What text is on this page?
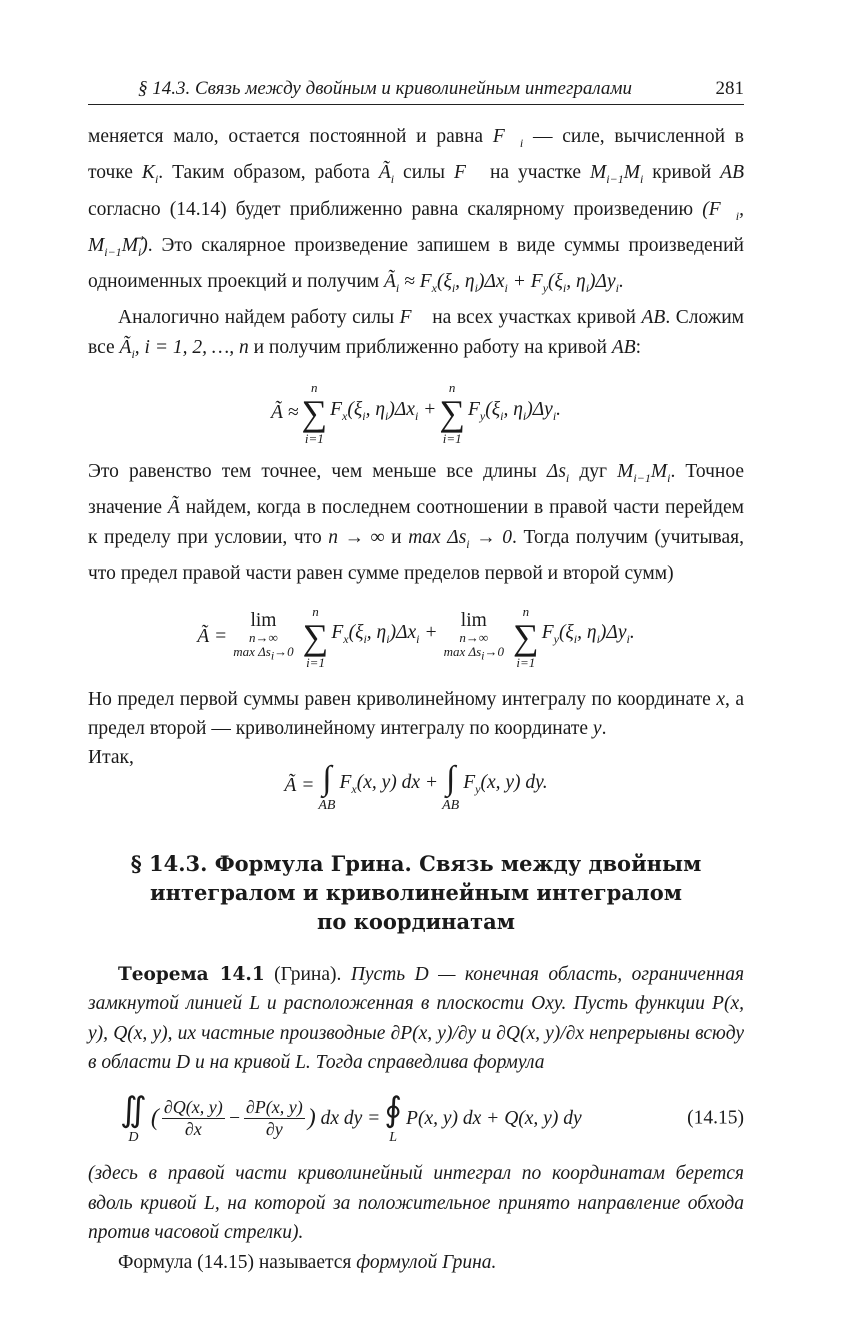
§ 14.3. Связь между двойным и криволинейным интегралами	281

меняется мало, остается постоянной и равна $F⃗_i$ — силе, вычисленной в точке $K_i$. Таким образом, работа $Ã_i$ силы F⃗ на участке $M_{i-1}M_i$ кривой AB согласно (14.14) будет приближенно равна скалярному произведению ($F⃗_i$, $M_{i-1}M_i⃗$). Это скалярное произведение запишем в виде суммы произведений одноименных проекций и получим $Ã_i \approx F_x(\xi_i$, $\eta_i)\Delta x_i + F_y(\xi_i$, $\eta_i)\Delta y_i$.

Аналогично найдем работу силы F⃗ на всех участках кривой AB. Сложим все $Ã_i$, i = 1, 2, …, n и получим приближенно работу на кривой AB:

Ã ≈
n
∑
i=1
$F_x(\xi_i$, $\eta_i)\Delta x_i$ +
n
∑
i=1
$F_y(\xi_i$, $\eta_i)\Delta y_i$.

Это равенство тем точнее, чем меньше все длины $\Delta s_i$ дуг $M_{i-1}M_i$. Точное значение Ã найдем, когда в последнем соотношении в правой части перейдем к пределу при условии, что n → ∞ и $\max \Delta s_i \to 0$. Тогда получим (учитывая, что предел правой части равен сумме пределов первой и второй сумм)

Ã =
lim
n→∞
$\max \Delta s_i\to 0$
n
∑
i=1
$F_x(\xi_i$, $\eta_i)\Delta x_i$ +
lim
n→∞
$\max \Delta s_i\to 0$
n
∑
i=1
$F_y(\xi_i$, $\eta_i)\Delta y_i$.

Но предел первой суммы равен криволинейному интегралу по координате x, а предел второй — криволинейному интегралу по координате y.
Итак,

Ã = ∫
AB
$F_x(x$, y) dx + ∫
AB
$F_y(x$, y) dy.
§ 14.3. Формула Грина. Связь между двойным
интегралом и криволинейным интегралом
по координатам

Теорема 14.1 (Грина). Пусть D — конечная область, ограниченная замкнутой линией L и расположенная в плоскости Oxy. Пусть функции P(x, y), Q(x, y), их частные производные ∂P(x, y)/∂y и ∂Q(x, y)/∂x непрерывны всюду в области D и на кривой L. Тогда справедлива формула

∬
D
( $\frac{\partial Q(x, y)}{\partial x} - \frac{\partial P(x, y)}{\partial y}$ ) dx dy = ∮
L
P(x, y) dx + Q(x, y) dy	(14.15)

(здесь в правой части криволинейный интеграл по координатам берется вдоль кривой L, на которой за положительное принято направление обхода против часовой стрелки).

Формула (14.15) называется формулой Грина.
